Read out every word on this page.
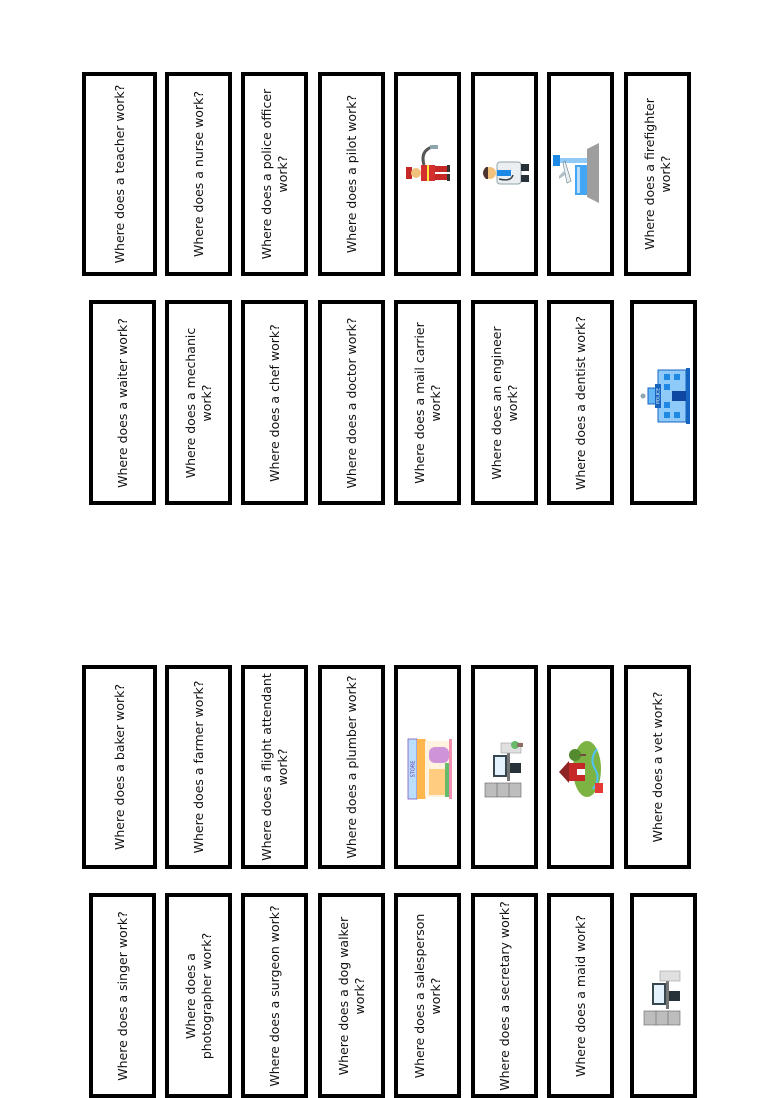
Where does a teacher work?	Where does a nurse work?	Where does a police officer work?	Where does a pilot work?	Where does a firefighter work?
Where does a waiter work?	Where does a mechanic work?	Where does a chef work?	Where does a doctor work?	Where does a mail carrier work?	Where does an engineer work?	Where does a dentist work?	POLICE
Where does a baker work?	Where does a farmer work?	Where does a flight attendant work?	Where does a plumber work?	STORE	Where does a vet work?
Where does a singer work?	Where does a photographer work?	Where does a surgeon work?	Where does a dog walker work?	Where does a salesperson work?	Where does a secretary work?	Where does a maid work?
